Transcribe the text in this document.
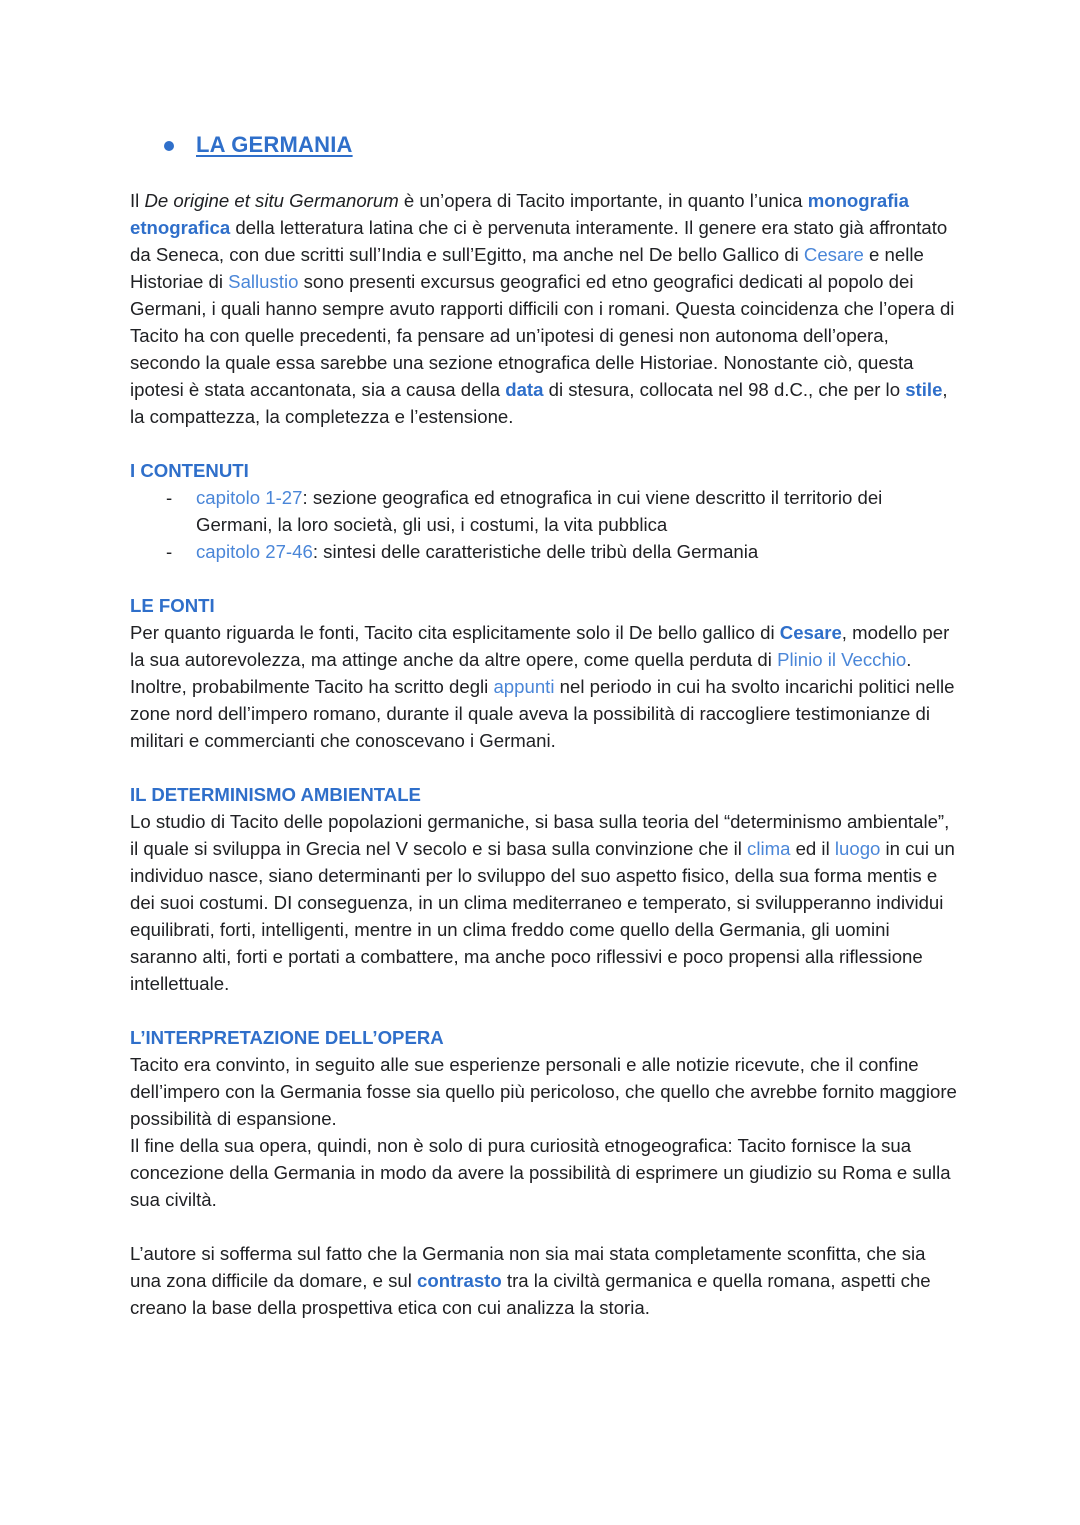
LA GERMANIA

Il De origine et situ Germanorum è un’opera di Tacito importante, in quanto l’unica monografia etnografica della letteratura latina che ci è pervenuta interamente. Il genere era stato già affrontato da Seneca, con due scritti sull’India e sull’Egitto, ma anche nel De bello Gallico di Cesare e nelle Historiae di Sallustio sono presenti excursus geografici ed etno geografici dedicati al popolo dei Germani, i quali hanno sempre avuto rapporti difficili con i romani. Questa coincidenza che l’opera di Tacito ha con quelle precedenti, fa pensare ad un’ipotesi di genesi non autonoma dell’opera, secondo la quale essa sarebbe una sezione etnografica delle Historiae. Nonostante ciò, questa ipotesi è stata accantonata, sia a causa della data di stesura, collocata nel 98 d.C., che per lo stile, la compattezza, la completezza e l’estensione.

I CONTENUTI
- capitolo 1-27: sezione geografica ed etnografica in cui viene descritto il territorio dei Germani, la loro società, gli usi, i costumi, la vita pubblica
- capitolo 27-46: sintesi delle caratteristiche delle tribù della Germania
LE FONTI

Per quanto riguarda le fonti, Tacito cita esplicitamente solo il De bello gallico di Cesare, modello per la sua autorevolezza, ma attinge anche da altre opere, come quella perduta di Plinio il Vecchio. Inoltre, probabilmente Tacito ha scritto degli appunti nel periodo in cui ha svolto incarichi politici nelle zone nord dell’impero romano, durante il quale aveva la possibilità di raccogliere testimonianze di militari e commercianti che conoscevano i Germani.

IL DETERMINISMO AMBIENTALE

Lo studio di Tacito delle popolazioni germaniche, si basa sulla teoria del “determinismo ambientale”, il quale si sviluppa in Grecia nel V secolo e si basa sulla convinzione che il clima ed il luogo in cui un individuo nasce, siano determinanti per lo sviluppo del suo aspetto fisico, della sua forma mentis e dei suoi costumi. DI conseguenza, in un clima mediterraneo e temperato, si svilupperanno individui equilibrati, forti, intelligenti, mentre in un clima freddo come quello della Germania, gli uomini saranno alti, forti e portati a combattere, ma anche poco riflessivi e poco propensi alla riflessione intellettuale.

L’INTERPRETAZIONE DELL’OPERA

Tacito era convinto, in seguito alle sue esperienze personali e alle notizie ricevute, che il confine dell’impero con la Germania fosse sia quello più pericoloso, che quello che avrebbe fornito maggiore possibilità di espansione.

Il fine della sua opera, quindi, non è solo di pura curiosità etnogeografica: Tacito fornisce la sua concezione della Germania in modo da avere la possibilità di esprimere un giudizio su Roma e sulla sua civiltà.

L’autore si sofferma sul fatto che la Germania non sia mai stata completamente sconfitta, che sia una zona difficile da domare, e sul contrasto tra la civiltà germanica e quella romana, aspetti che creano la base della prospettiva etica con cui analizza la storia.
